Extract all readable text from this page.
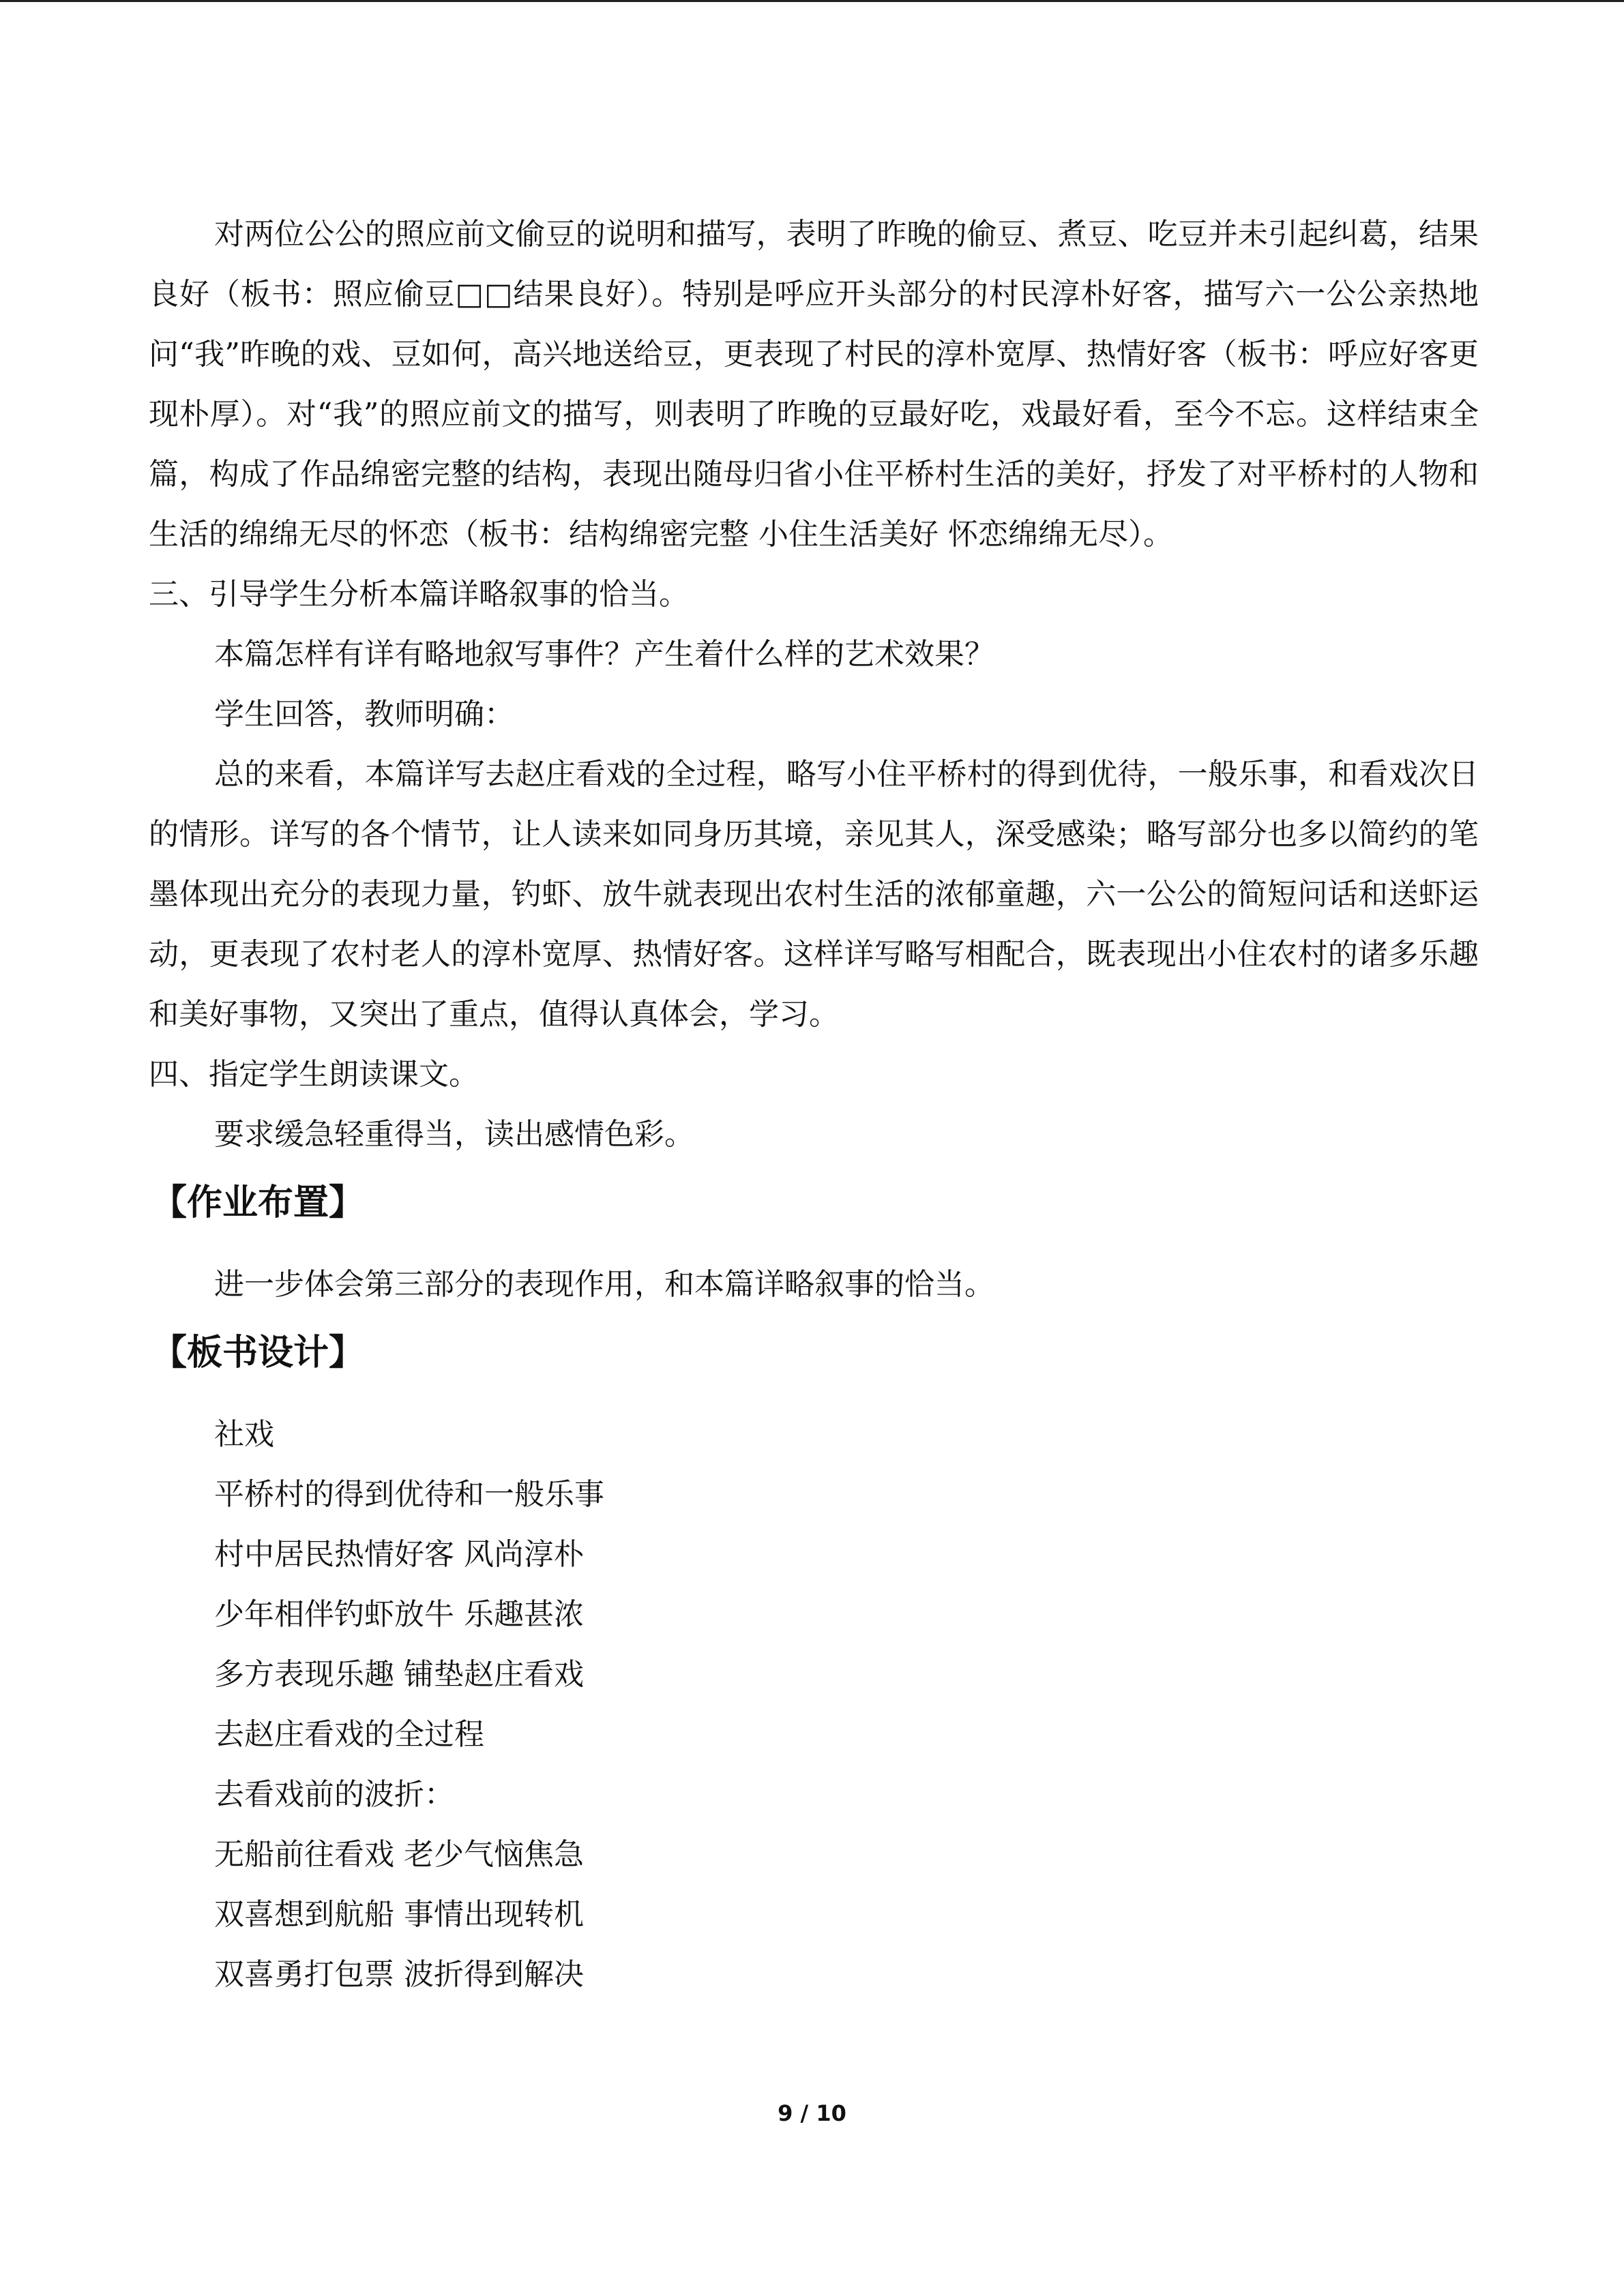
对两位公公的照应前文偷豆的说明和描写，表明了昨晚的偷豆、煮豆、吃豆并未引起纠葛，结果良好（板书：照应偷豆□□结果良好）。特别是呼应开头部分的村民淳朴好客，描写六一公公亲热地问“我”昨晚的戏、豆如何，高兴地送给豆，更表现了村民的淳朴宽厚、热情好客（板书：呼应好客更现朴厚）。对“我”的照应前文的描写，则表明了昨晚的豆最好吃，戏最好看，至今不忘。这样结束全篇，构成了作品绵密完整的结构，表现出随母归省小住平桥村生活的美好，抒发了对平桥村的人物和生活的绵绵无尽的怀恋（板书：结构绵密完整 小住生活美好 怀恋绵绵无尽）。

三、引导学生分析本篇详略叙事的恰当。

本篇怎样有详有略地叙写事件？产生着什么样的艺术效果？

学生回答，教师明确：

总的来看，本篇详写去赵庄看戏的全过程，略写小住平桥村的得到优待，一般乐事，和看戏次日的情形。详写的各个情节，让人读来如同身历其境，亲见其人，深受感染；略写部分也多以简约的笔墨体现出充分的表现力量，钓虾、放牛就表现出农村生活的浓郁童趣，六一公公的简短问话和送虾运动，更表现了农村老人的淳朴宽厚、热情好客。这样详写略写相配合，既表现出小住农村的诸多乐趣和美好事物，又突出了重点，值得认真体会，学习。

四、指定学生朗读课文。

要求缓急轻重得当，读出感情色彩。

【作业布置】

进一步体会第三部分的表现作用，和本篇详略叙事的恰当。

【板书设计】
社戏
平桥村的得到优待和一般乐事
村中居民热情好客 风尚淳朴
少年相伴钓虾放牛 乐趣甚浓
多方表现乐趣 铺垫赵庄看戏
去赵庄看戏的全过程
去看戏前的波折：
无船前往看戏 老少气恼焦急
双喜想到航船 事情出现转机
双喜勇打包票 波折得到解决
9 / 10
